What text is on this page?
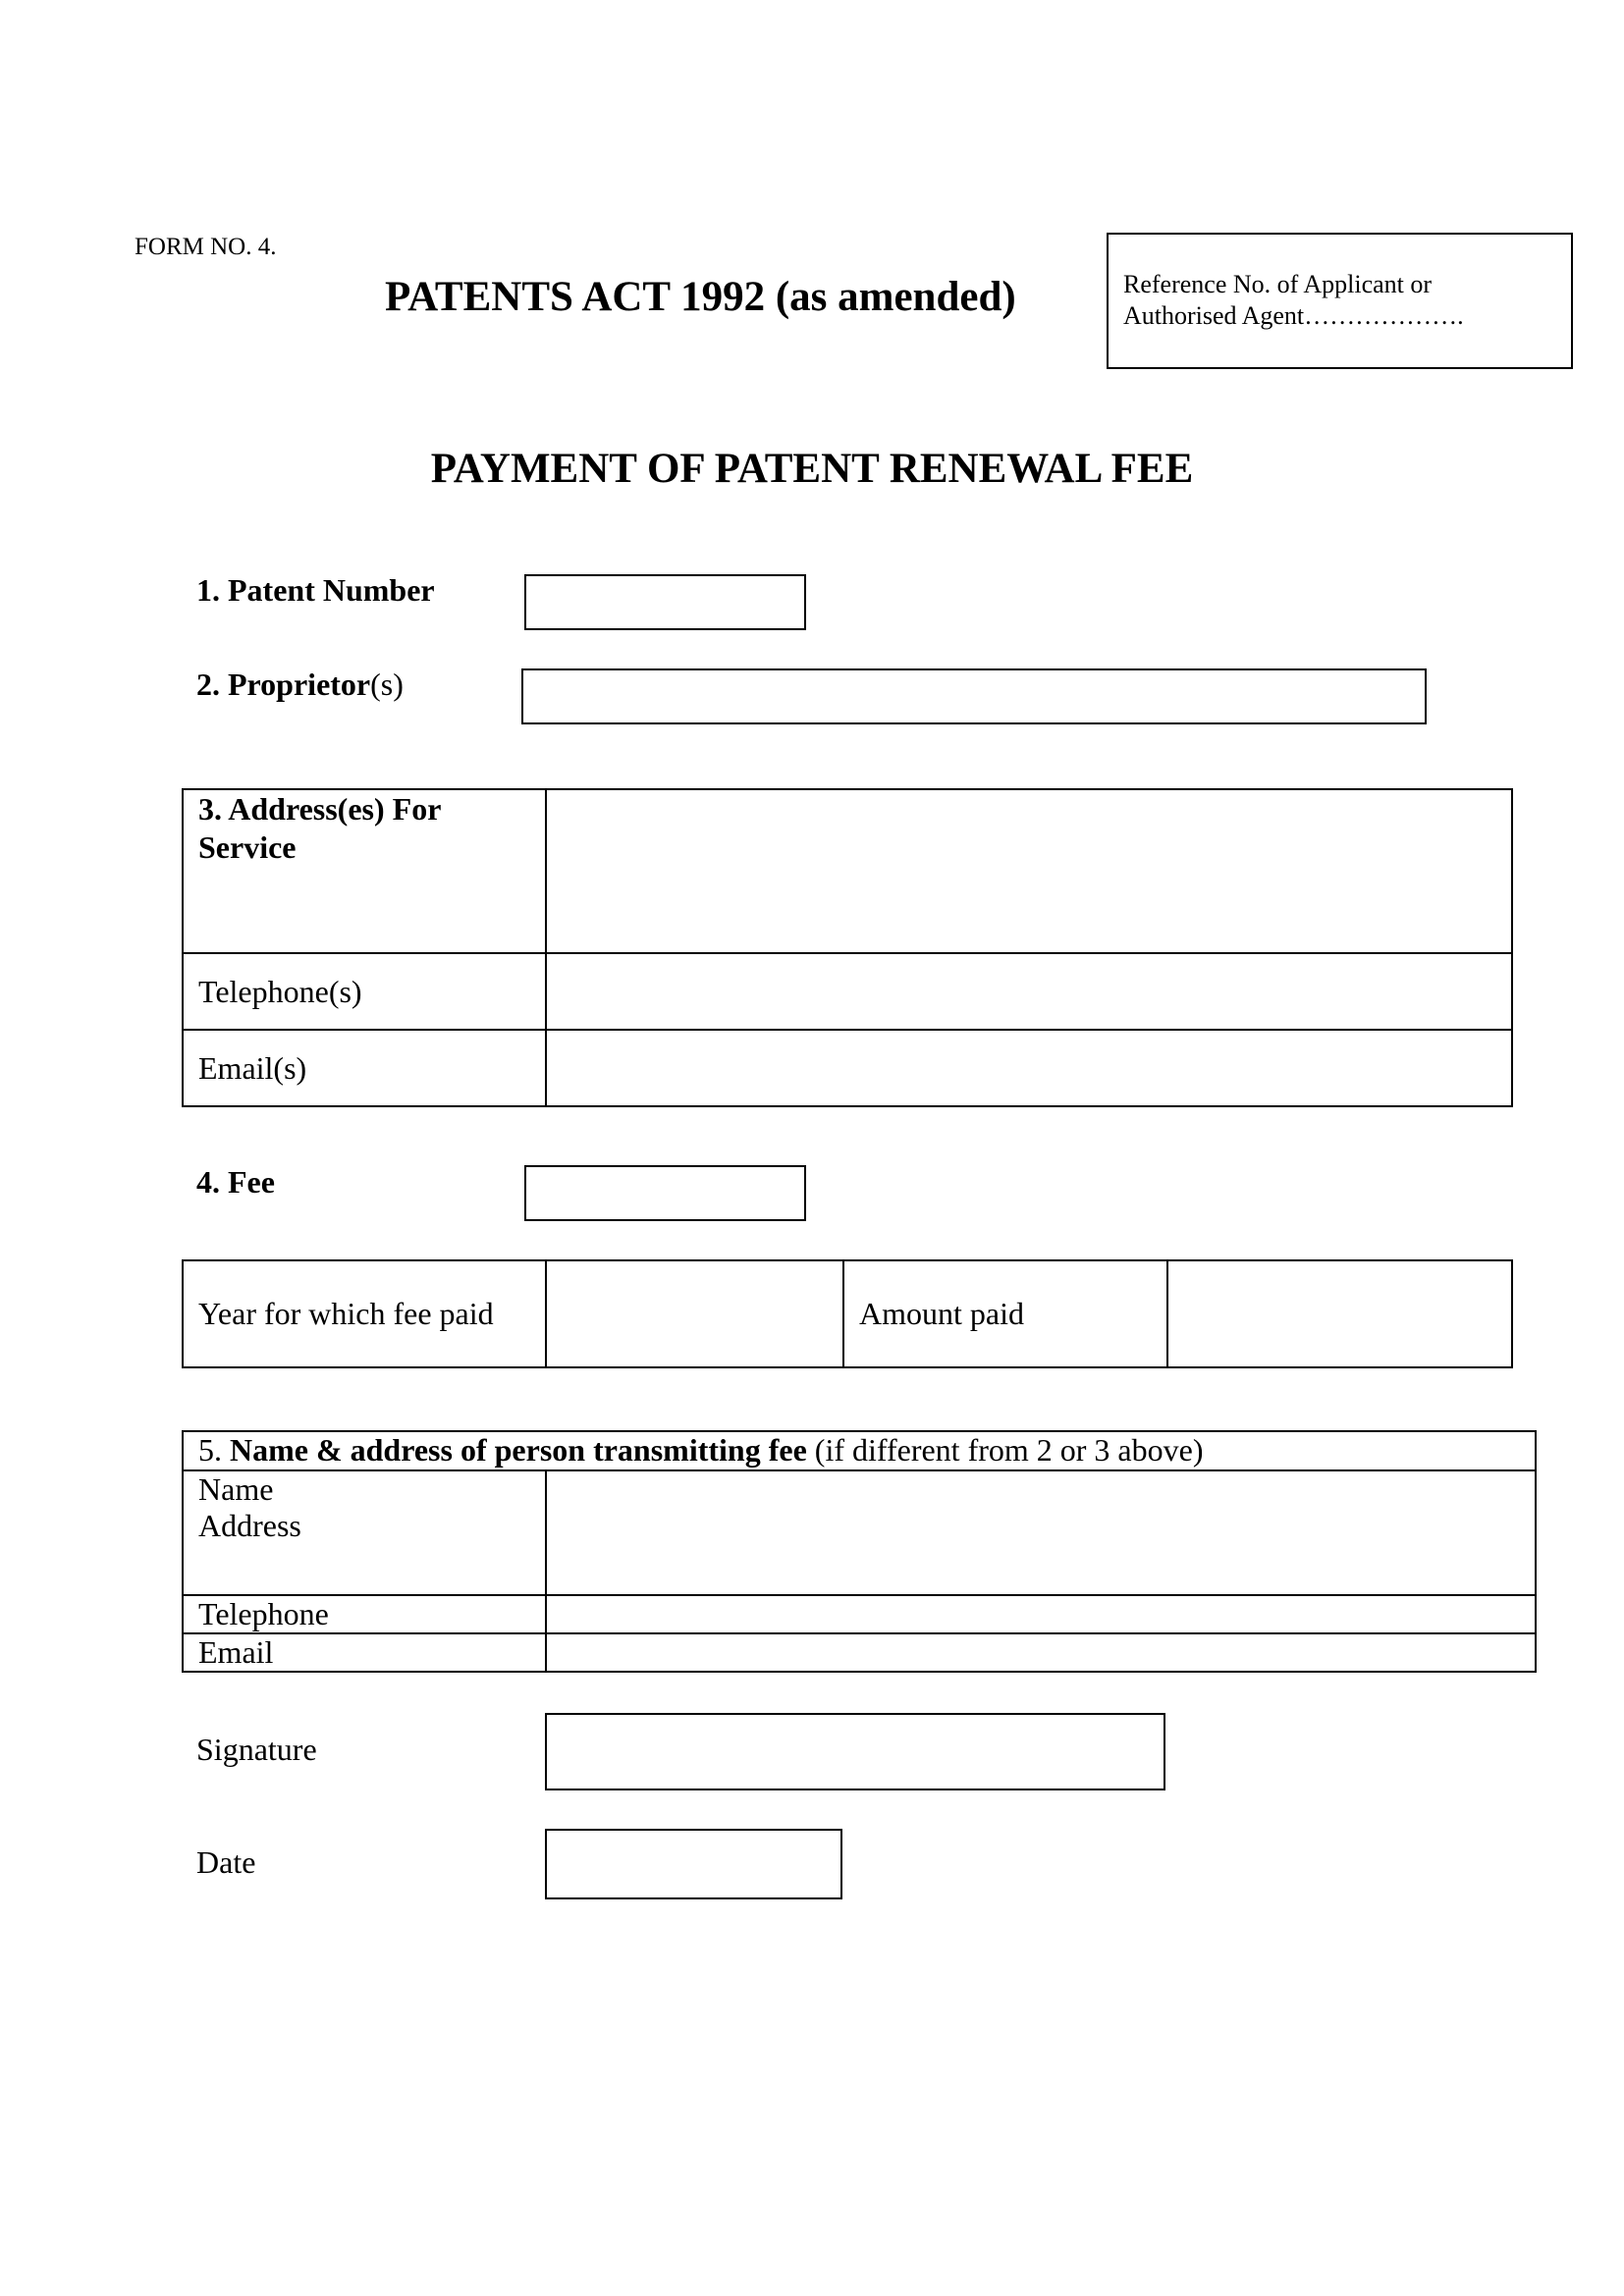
FORM NO. 4.
PATENTS ACT 1992 (as amended)	Reference No. of Applicant or
Authorised Agent……………….
PAYMENT OF PATENT RENEWAL FEE
1. Patent Number
2. Proprietor(s)
3. Address(es) For
Service	

Telephone(s)	

Email(s)	
4. Fee
Year for which fee paid		Amount paid	
5. Name & address of person transmitting fee (if different from 2 or 3 above)	

Name
Address	

Telephone	

Email	
Signature
Date
